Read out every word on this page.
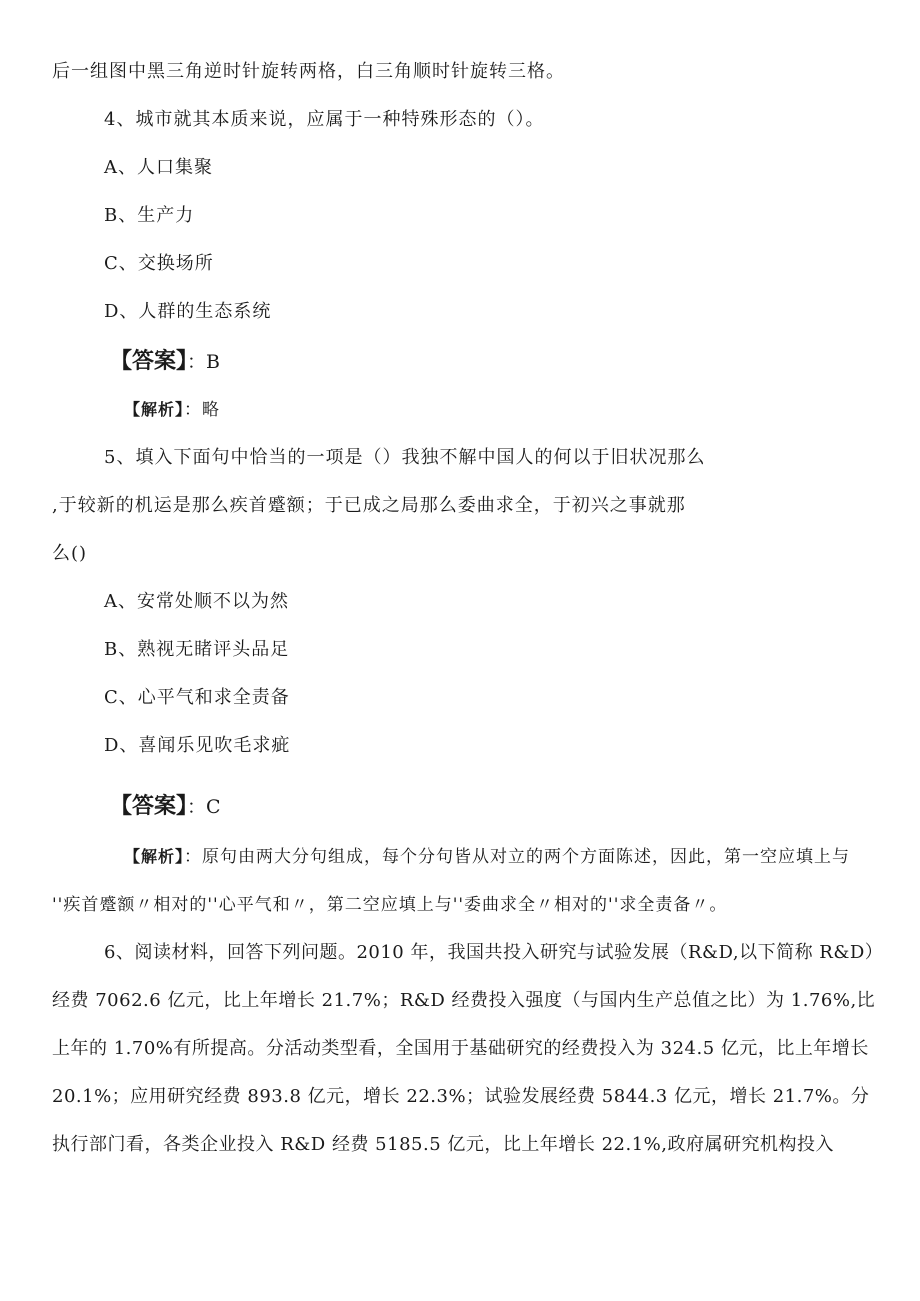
后一组图中黑三角逆时针旋转两格，白三角顺时针旋转三格。
4、城市就其本质来说，应属于一种特殊形态的（）。
A、人口集聚
B、生产力
C、交换场所
D、人群的生态系统
【答案】：B
【解析】：略
5、填入下面句中恰当的一项是（）我独不解中国人的何以于旧状况那么
,于较新的机运是那么疾首蹙额；于已成之局那么委曲求全，于初兴之事就那
么()
A、安常处顺不以为然
B、熟视无睹评头品足
C、心平气和求全责备
D、喜闻乐见吹毛求疵
【答案】：C
【解析】：原句由两大分句组成，每个分句皆从对立的两个方面陈述，因此，第一空应填上与
''疾首蹙额〃相对的''心平气和〃，第二空应填上与''委曲求全〃相对的''求全责备〃。
6、阅读材料，回答下列问题。2010 年，我国共投入研究与试验发展（R&D,以下简称 R&D）
经费 7062.6 亿元，比上年增长 21.7%；R&D 经费投入强度（与国内生产总值之比）为 1.76%,比
上年的 1.70%有所提高。分活动类型看，全国用于基础研究的经费投入为 324.5 亿元，比上年增长
20.1%；应用研究经费 893.8 亿元，增长 22.3%；试验发展经费 5844.3 亿元，增长 21.7%。分
执行部门看，各类企业投入 R&D 经费 5185.5 亿元，比上年增长 22.1%,政府属研究机构投入
